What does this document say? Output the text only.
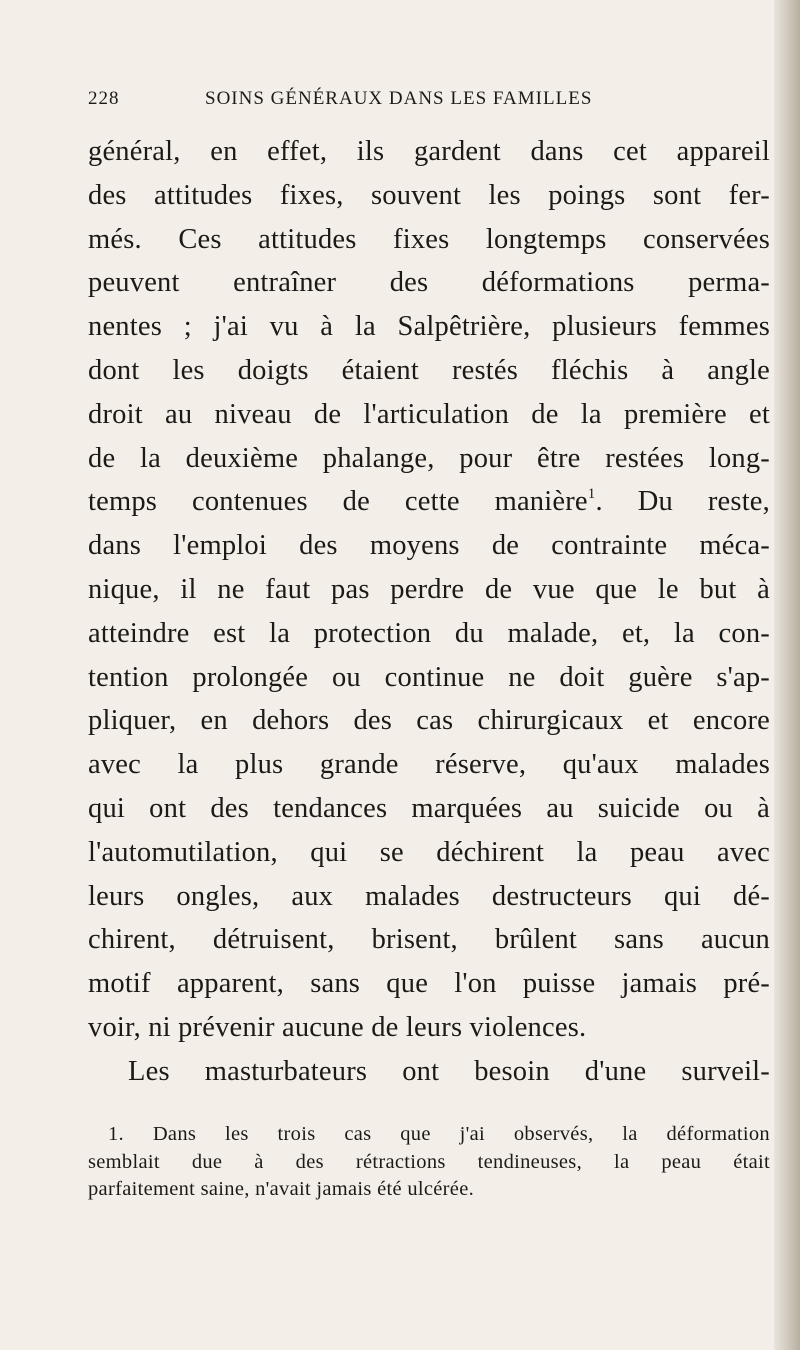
228	SOINS GÉNÉRAUX DANS LES FAMILLES
général, en effet, ils gardent dans cet appareil
des attitudes fixes, souvent les poings sont fer-
més. Ces attitudes fixes longtemps conservées
peuvent entraîner des déformations perma-
nentes ; j'ai vu à la Salpêtrière, plusieurs femmes
dont les doigts étaient restés fléchis à angle
droit au niveau de l'articulation de la première et
de la deuxième phalange, pour être restées long-
temps contenues de cette manière$^1$. Du reste,
dans l'emploi des moyens de contrainte méca-
nique, il ne faut pas perdre de vue que le but à
atteindre est la protection du malade, et, la con-
tention prolongée ou continue ne doit guère s'ap-
pliquer, en dehors des cas chirurgicaux et encore
avec la plus grande réserve, qu'aux malades
qui ont des tendances marquées au suicide ou à
l'automutilation, qui se déchirent la peau avec
leurs ongles, aux malades destructeurs qui dé-
chirent, détruisent, brisent, brûlent sans aucun
motif apparent, sans que l'on puisse jamais pré-
voir, ni prévenir aucune de leurs violences.
Les masturbateurs ont besoin d'une surveil-
1. Dans les trois cas que j'ai observés, la déformation
semblait due à des rétractions tendineuses, la peau était
parfaitement saine, n'avait jamais été ulcérée.
